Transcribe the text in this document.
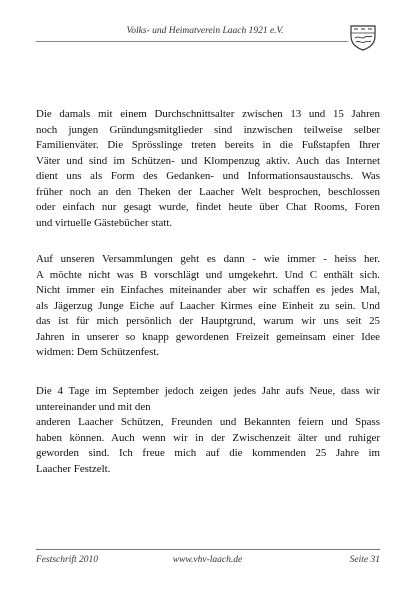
Volks- und Heimatverein Laach 1921 e.V.

Die damals mit einem Durchschnittsalter zwischen 13 und 15 Jahren
noch jungen Gründungsmitglieder sind inzwischen teilweise selber
Familienväter. Die Sprösslinge treten bereits in die Fußstapfen Ihrer
Väter und sind im Schützen- und Klompenzug aktiv. Auch das Internet
dient uns als Form des Gedanken- und Informationsaustauschs. Was
früher noch an den Theken der Laacher Welt besprochen, beschlossen
oder einfach nur gesagt wurde, findet heute über Chat Rooms, Foren
und virtuelle Gästebücher statt.

Auf unseren Versammlungen geht es dann - wie immer - heiss her.
A möchte nicht was B vorschlägt und umgekehrt. Und C enthält sich.
Nicht immer ein Einfaches miteinander aber wir schaffen es jedes Mal,
als Jägerzug Junge Eiche auf Laacher Kirmes eine Einheit zu sein. Und
das ist für mich persönlich der Hauptgrund, warum wir uns seit 25
Jahren in unserer so knapp gewordenen Freizeit gemeinsam einer Idee
widmen: Dem Schützenfest.

Die 4 Tage im September jedoch zeigen jedes Jahr aufs Neue, dass wir
untereinander und mit den
anderen Laacher Schützen, Freunden und Bekannten feiern und Spass
haben können. Auch wenn wir in der Zwischenzeit älter und ruhiger
geworden sind. Ich freue mich auf die kommenden 25 Jahre im
Laacher Festzelt.

Festschrift 2010	www.vhv-laach.de	Seite 31
